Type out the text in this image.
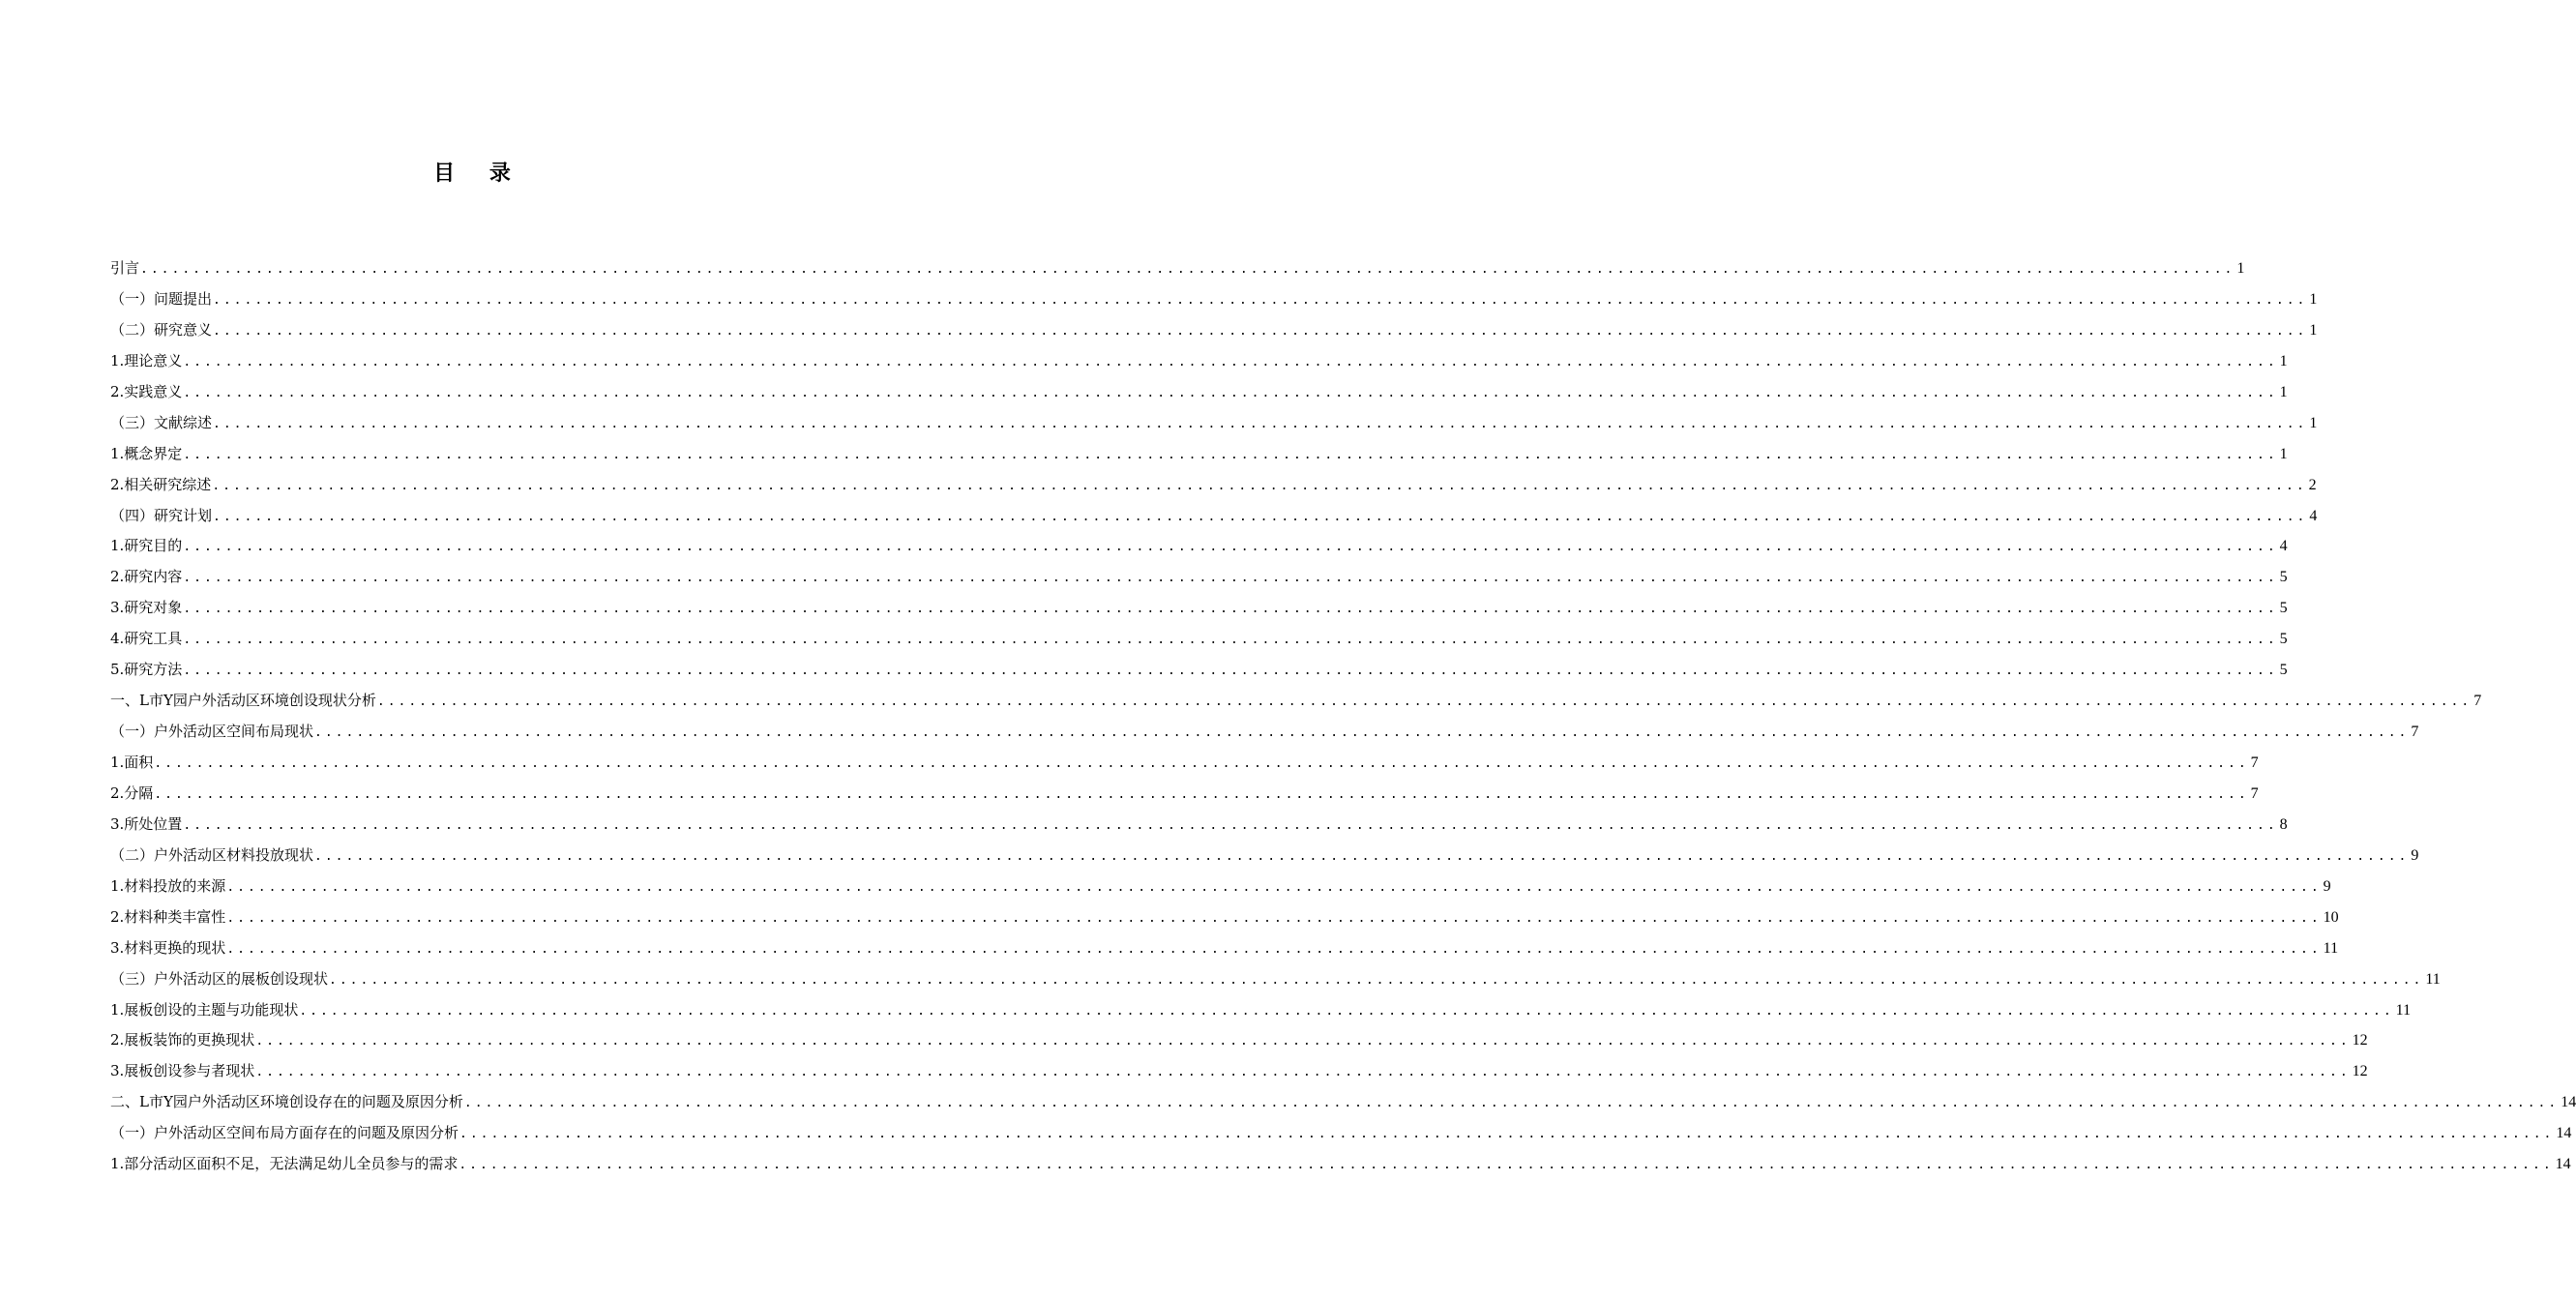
目 录
引言 ........................................................................................................................................................................................................ 1
（一）问题提出 ........................................................................................................................................................................................................ 1
（二）研究意义 ........................................................................................................................................................................................................ 1
1.理论意义 ........................................................................................................................................................................................................ 1
2.实践意义 ........................................................................................................................................................................................................ 1
（三）文献综述 ........................................................................................................................................................................................................ 1
1.概念界定 ........................................................................................................................................................................................................ 1
2.相关研究综述 ........................................................................................................................................................................................................ 2
（四）研究计划 ........................................................................................................................................................................................................ 4
1.研究目的 ........................................................................................................................................................................................................ 4
2.研究内容 ........................................................................................................................................................................................................ 5
3.研究对象 ........................................................................................................................................................................................................ 5
4.研究工具 ........................................................................................................................................................................................................ 5
5.研究方法 ........................................................................................................................................................................................................ 5
一、L市Y园户外活动区环境创设现状分析 ........................................................................................................................................................................................................ 7
（一）户外活动区空间布局现状 ........................................................................................................................................................................................................ 7
1.面积 ........................................................................................................................................................................................................ 7
2.分隔 ........................................................................................................................................................................................................ 7
3.所处位置 ........................................................................................................................................................................................................ 8
（二）户外活动区材料投放现状 ........................................................................................................................................................................................................ 9
1.材料投放的来源 ........................................................................................................................................................................................................ 9
2.材料种类丰富性 ........................................................................................................................................................................................................ 10
3.材料更换的现状 ........................................................................................................................................................................................................ 11
（三）户外活动区的展板创设现状 ........................................................................................................................................................................................................ 11
1.展板创设的主题与功能现状 ........................................................................................................................................................................................................ 11
2.展板装饰的更换现状 ........................................................................................................................................................................................................ 12
3.展板创设参与者现状 ........................................................................................................................................................................................................ 12
二、L市Y园户外活动区环境创设存在的问题及原因分析 ........................................................................................................................................................................................................ 14
（一）户外活动区空间布局方面存在的问题及原因分析 ........................................................................................................................................................................................................ 14
1.部分活动区面积不足，无法满足幼儿全员参与的需求 ........................................................................................................................................................................................................ 14
